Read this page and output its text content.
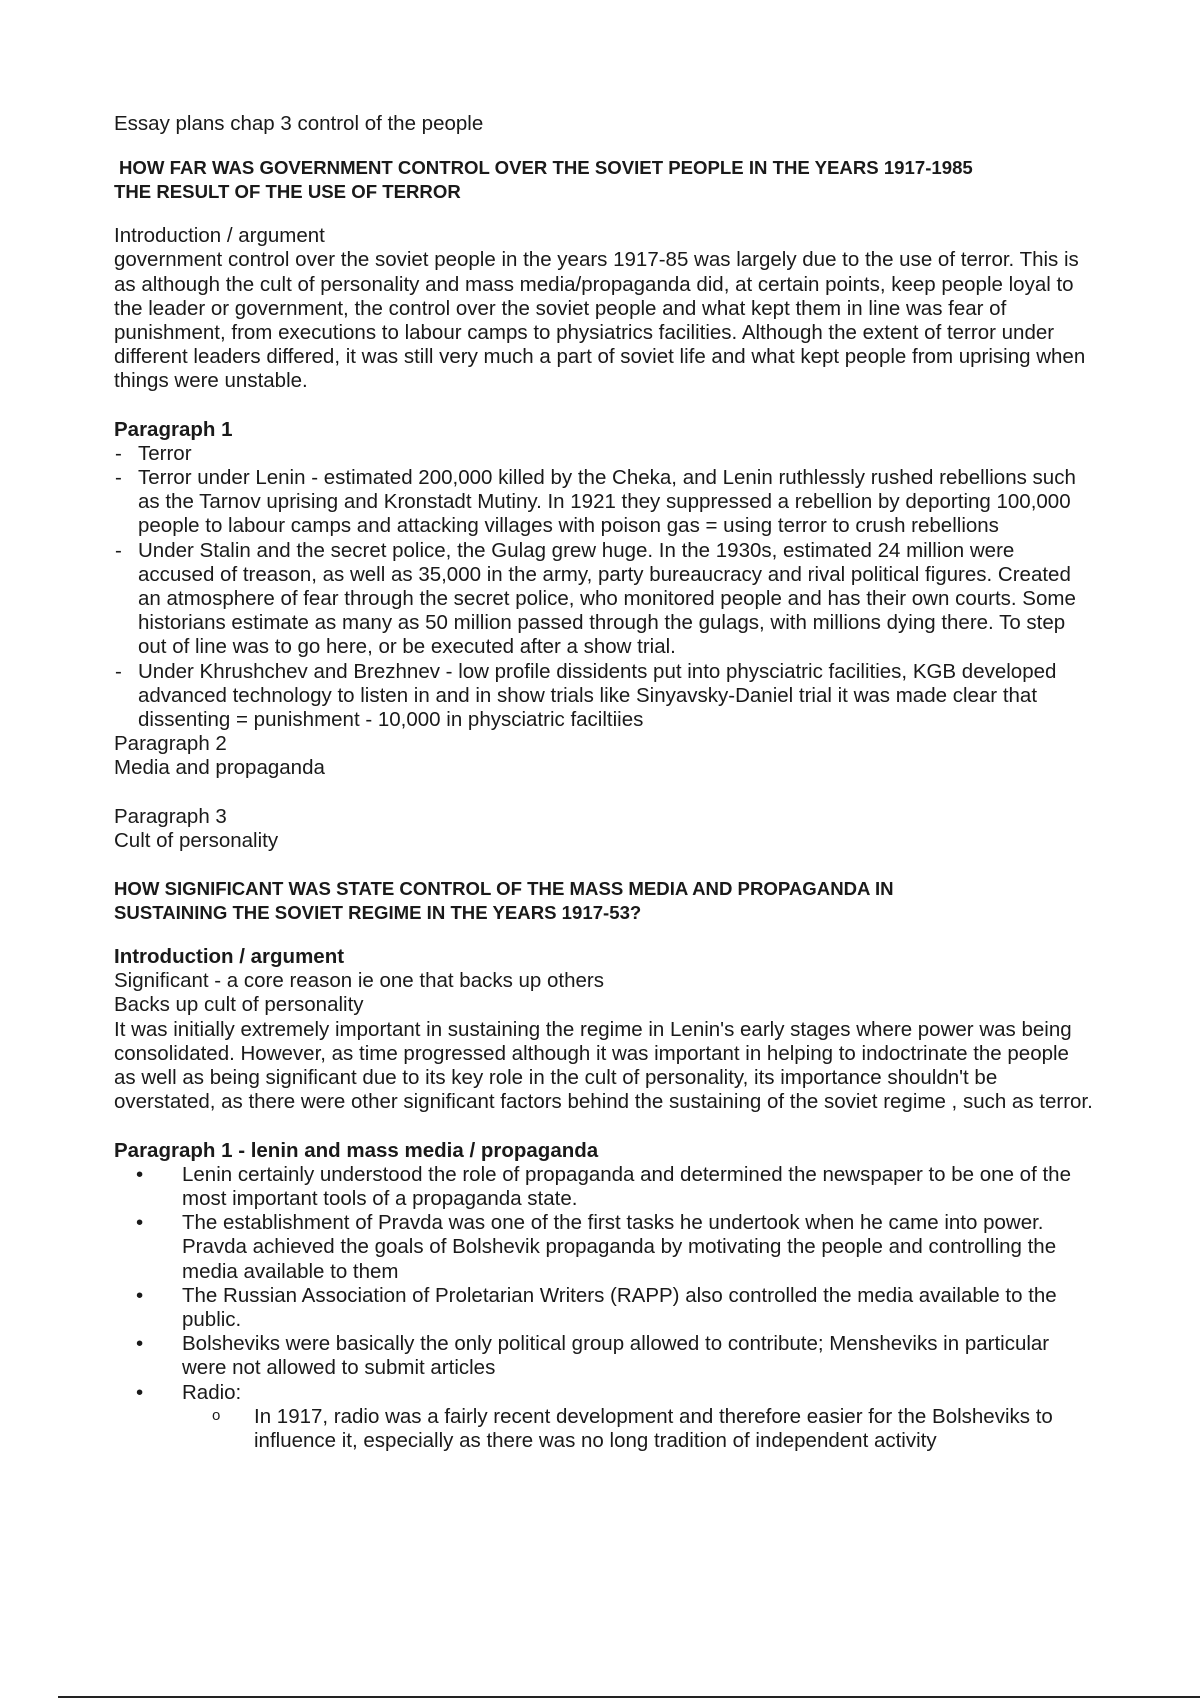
Essay plans chap 3 control of the people

HOW FAR WAS GOVERNMENT CONTROL OVER THE SOVIET PEOPLE IN THE YEARS 1917-1985
THE RESULT OF THE USE OF TERROR

Introduction / argument

government control over the soviet people in the years 1917-85 was largely due to the use of terror. This is as although the cult of personality and mass media/propaganda did, at certain points, keep people loyal to the leader or government, the control over the soviet people and what kept them in line was fear of punishment, from executions to labour camps to physiatrics facilities. Although the extent of terror under different leaders differed, it was still very much a part of soviet life and what kept people from uprising when things were unstable.

Paragraph 1

- Terror
- Terror under Lenin - estimated 200,000 killed by the Cheka, and Lenin ruthlessly rushed rebellions such as the Tarnov uprising and Kronstadt Mutiny. In 1921 they suppressed a rebellion by deporting 100,000 people to labour camps and attacking villages with poison gas = using terror to crush rebellions
- Under Stalin and the secret police, the Gulag grew huge. In the 1930s, estimated 24 million were accused of treason, as well as 35,000 in the army, party bureaucracy and rival political figures. Created an atmosphere of fear through the secret police, who monitored people and has their own courts. Some historians estimate as many as 50 million passed through the gulags, with millions dying there. To step out of line was to go here, or be executed after a show trial.
- Under Khrushchev and Brezhnev - low profile dissidents put into physciatric facilities, KGB developed advanced technology to listen in and in show trials like Sinyavsky-Daniel trial it was made clear that dissenting = punishment - 10,000 in physciatric faciltiies

Paragraph 2

Media and propaganda

Paragraph 3

Cult of personality

HOW SIGNIFICANT WAS STATE CONTROL OF THE MASS MEDIA AND PROPAGANDA IN
SUSTAINING THE SOVIET REGIME IN THE YEARS 1917-53?

Introduction / argument

Significant - a core reason ie one that backs up others

Backs up cult of personality

It was initially extremely important in sustaining the regime in Lenin's early stages where power was being consolidated. However, as time progressed although it was important in helping to indoctrinate the people as well as being significant due to its key role in the cult of personality, its importance shouldn't be overstated, as there were other significant factors behind the sustaining of the soviet regime , such as terror.

Paragraph 1 - lenin and mass media / propaganda

• Lenin certainly understood the role of propaganda and determined the newspaper to be one of the most important tools of a propaganda state.
• The establishment of Pravda was one of the first tasks he undertook when he came into power. Pravda achieved the goals of Bolshevik propaganda by motivating the people and controlling the media available to them
• The Russian Association of Proletarian Writers (RAPP) also controlled the media available to the public.
• Bolsheviks were basically the only political group allowed to contribute; Mensheviks in particular were not allowed to submit articles
• Radio:
o In 1917, radio was a fairly recent development and therefore easier for the Bolsheviks to influence it, especially as there was no long tradition of independent activity
